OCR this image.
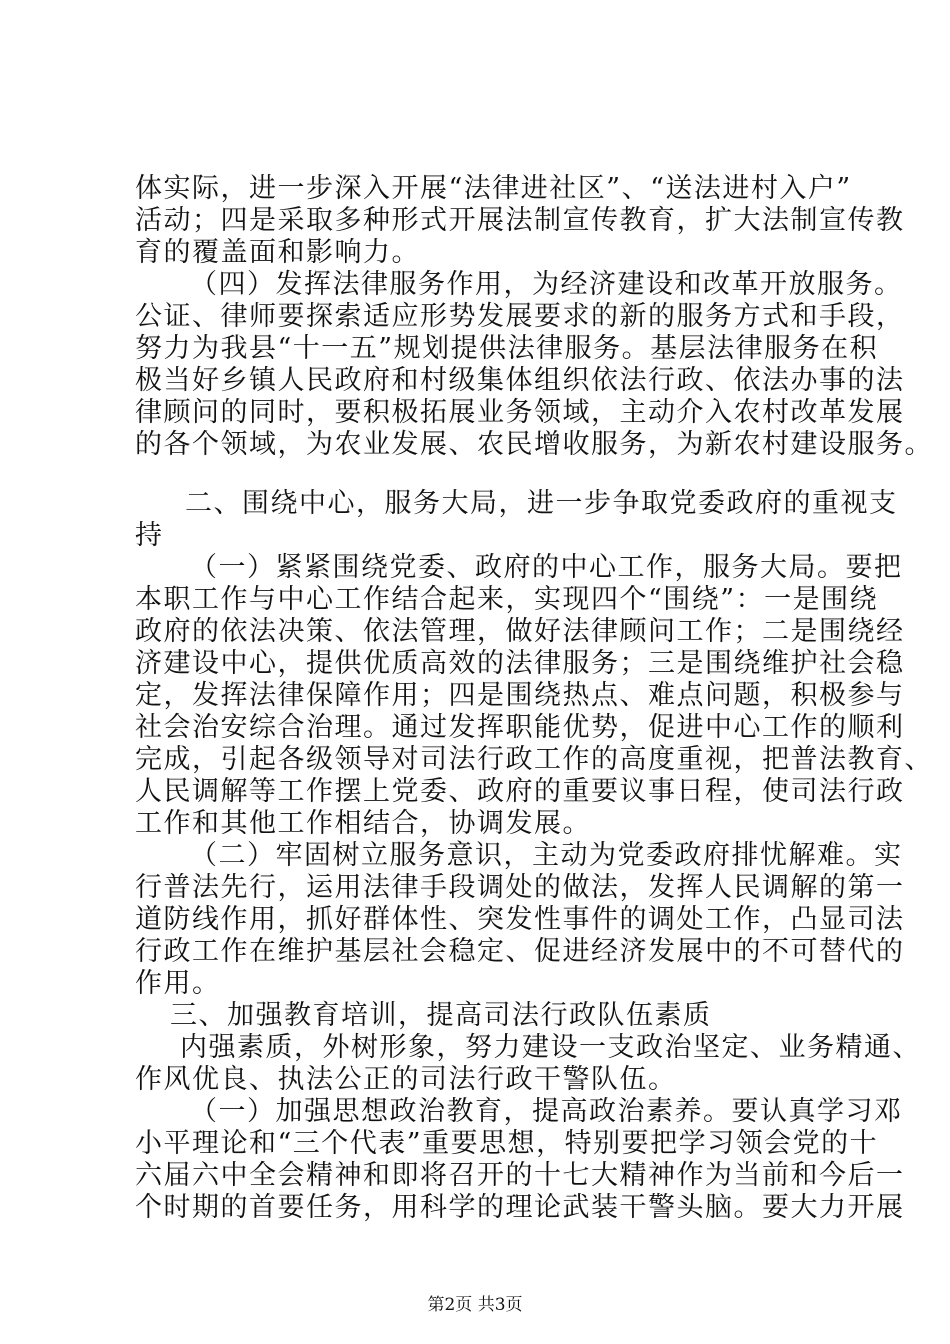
体实际，进一步深入开展“法律进社区”、“送法进村入户”
活动；四是采取多种形式开展法制宣传教育，扩大法制宣传教
育的覆盖面和影响力。
（四）发挥法律服务作用，为经济建设和改革开放服务。
公证、律师要探索适应形势发展要求的新的服务方式和手段，
努力为我县“十一五”规划提供法律服务。基层法律服务在积
极当好乡镇人民政府和村级集体组织依法行政、依法办事的法
律顾问的同时，要积极拓展业务领域，主动介入农村改革发展
的各个领域，为农业发展、农民增收服务，为新农村建设服务。
二、围绕中心，服务大局，进一步争取党委政府的重视支
持
（一）紧紧围绕党委、政府的中心工作，服务大局。要把
本职工作与中心工作结合起来，实现四个“围绕”：一是围绕
政府的依法决策、依法管理，做好法律顾问工作；二是围绕经
济建设中心，提供优质高效的法律服务；三是围绕维护社会稳
定，发挥法律保障作用；四是围绕热点、难点问题，积极参与
社会治安综合治理。通过发挥职能优势，促进中心工作的顺利
完成，引起各级领导对司法行政工作的高度重视，把普法教育、
人民调解等工作摆上党委、政府的重要议事日程，使司法行政
工作和其他工作相结合，协调发展。
（二）牢固树立服务意识，主动为党委政府排忧解难。实
行普法先行，运用法律手段调处的做法，发挥人民调解的第一
道防线作用，抓好群体性、突发性事件的调处工作，凸显司法
行政工作在维护基层社会稳定、促进经济发展中的不可替代的
作用。
三、加强教育培训，提高司法行政队伍素质
内强素质，外树形象，努力建设一支政治坚定、业务精通、
作风优良、执法公正的司法行政干警队伍。
（一）加强思想政治教育，提高政治素养。要认真学习邓
小平理论和“三个代表”重要思想，特别要把学习领会党的十
六届六中全会精神和即将召开的十七大精神作为当前和今后一
个时期的首要任务，用科学的理论武装干警头脑。要大力开展
第2页 共3页
